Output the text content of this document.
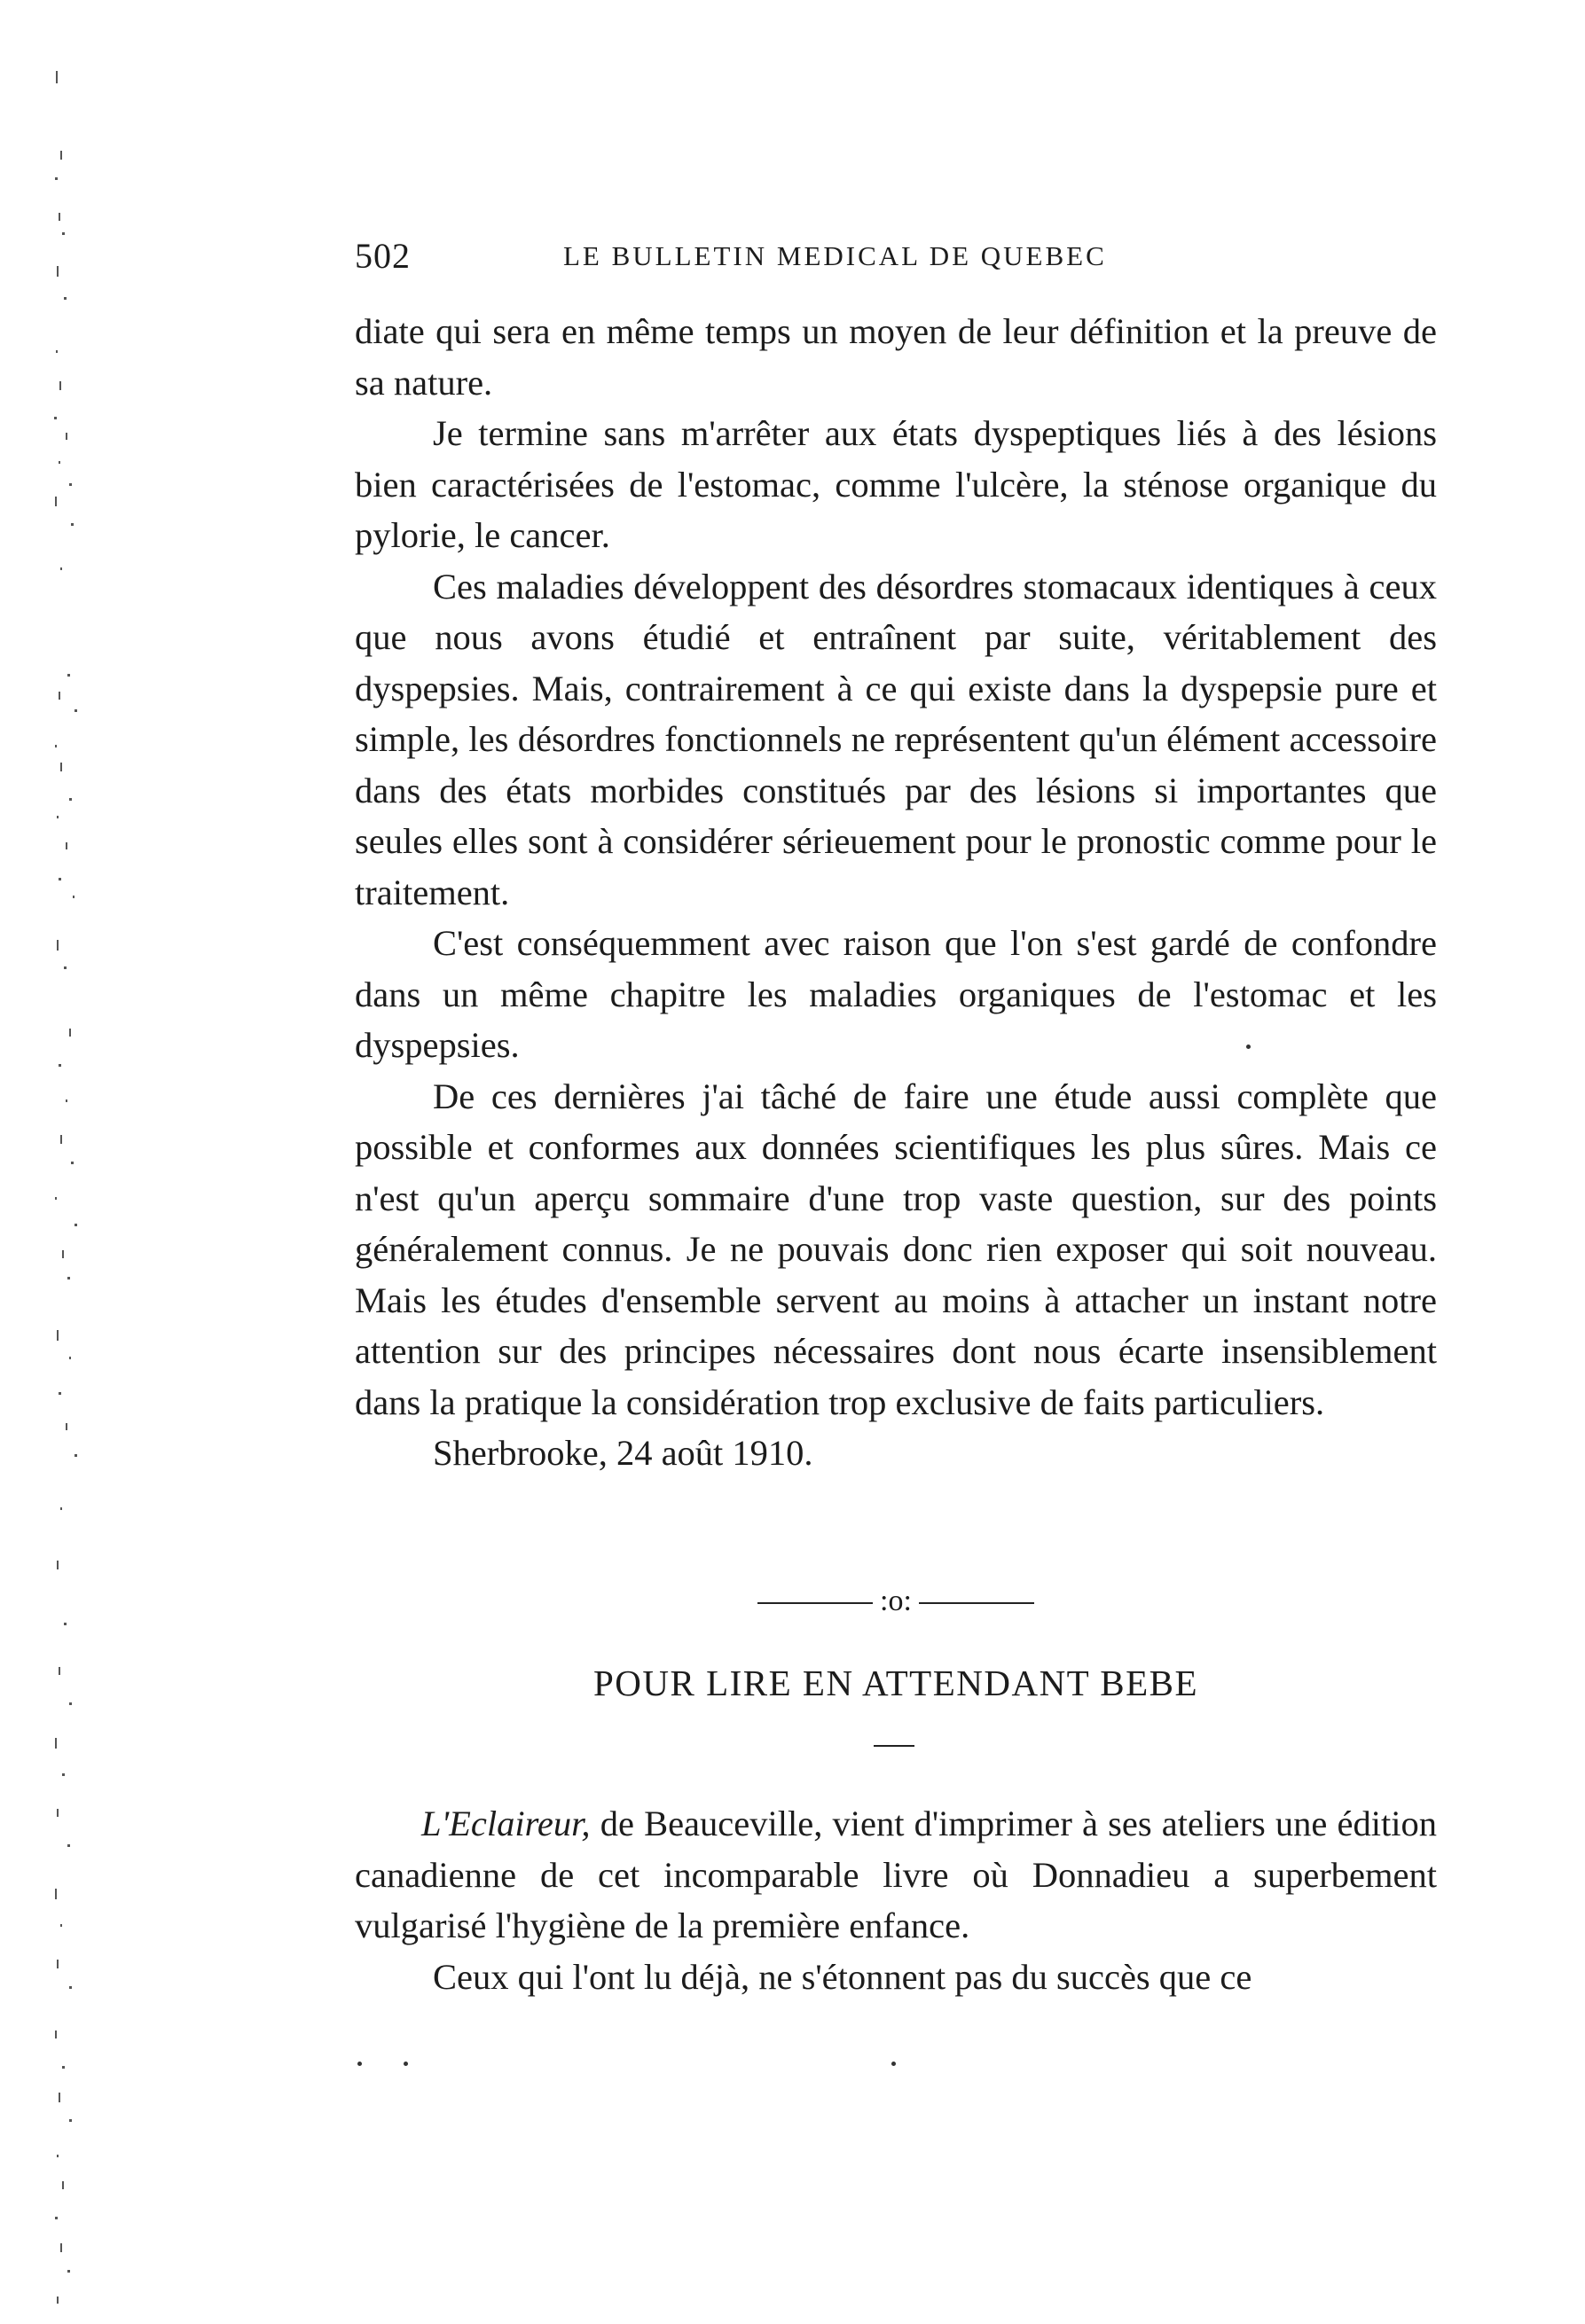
502	LE BULLETIN MEDICAL DE QUEBEC

diate qui sera en même temps un moyen de leur définition et la preuve de sa nature.

Je termine sans m'arrêter aux états dyspeptiques liés à des lésions bien caractérisées de l'estomac, comme l'ulcère, la sténose organique du pylorie, le cancer.

Ces maladies développent des désordres stomacaux identiques à ceux que nous avons étudié et entraînent par suite, véritablement des dyspepsies. Mais, contrairement à ce qui existe dans la dyspepsie pure et simple, les désordres fonctionnels ne représentent qu'un élément accessoire dans des états morbides constitués par des lésions si importantes que seules elles sont à considérer sérieuement pour le pronostic comme pour le traitement.

C'est conséquemment avec raison que l'on s'est gardé de confondre dans un même chapitre les maladies organiques de l'estomac et les dyspepsies.

De ces dernières j'ai tâché de faire une étude aussi complète que possible et conformes aux données scientifiques les plus sûres. Mais ce n'est qu'un aperçu sommaire d'une trop vaste question, sur des points généralement connus. Je ne pouvais donc rien exposer qui soit nouveau. Mais les études d'ensemble servent au moins à attacher un instant notre attention sur des principes nécessaires dont nous écarte insensiblement dans la pratique la considération trop exclusive de faits particuliers.

Sherbrooke, 24 août 1910.

:o:
POUR LIRE EN ATTENDANT BEBE

L'Eclaireur, de Beauceville, vient d'imprimer à ses ateliers une édition canadienne de cet incomparable livre où Donnadieu a superbement vulgarisé l'hygiène de la première enfance.

Ceux qui l'ont lu déjà, ne s'étonnent pas du succès que ce
